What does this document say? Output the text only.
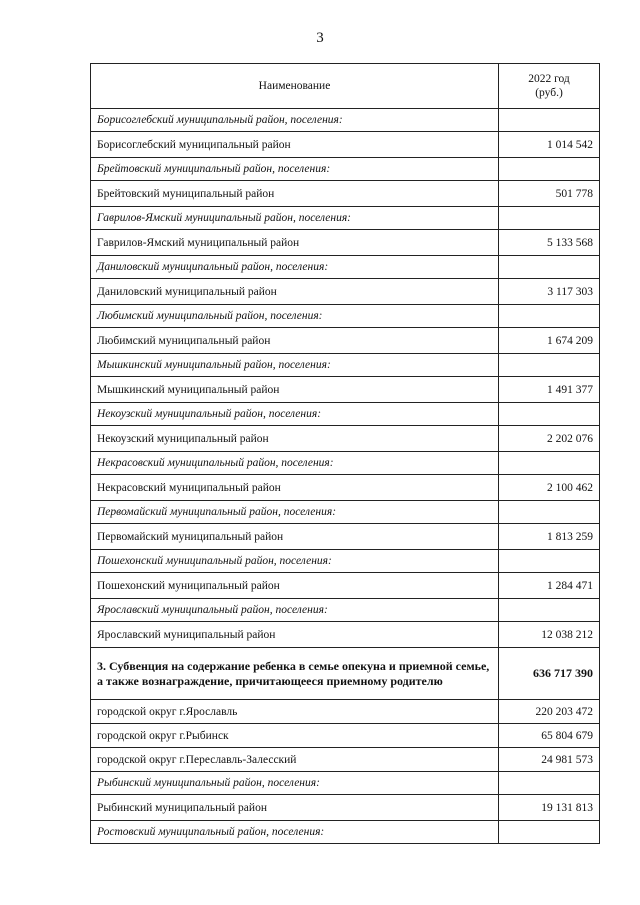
3
Наименование	2022 год
(руб.)
Борисоглебский муниципальный район, поселения:	
Борисоглебский муниципальный район	1 014 542
Брейтовский муниципальный район, поселения:	
Брейтовский муниципальный район	501 778
Гаврилов-Ямский муниципальный район, поселения:	
Гаврилов-Ямский муниципальный район	5 133 568
Даниловский муниципальный район, поселения:	
Даниловский муниципальный район	3 117 303
Любимский муниципальный район, поселения:	
Любимский муниципальный район	1 674 209
Мышкинский муниципальный район, поселения:	
Мышкинский муниципальный район	1 491 377
Некоузский муниципальный район, поселения:	
Некоузский муниципальный район	2 202 076
Некрасовский муниципальный район, поселения:	
Некрасовский муниципальный район	2 100 462
Первомайский муниципальный район, поселения:	
Первомайский муниципальный район	1 813 259
Пошехонский муниципальный район, поселения:	
Пошехонский муниципальный район	1 284 471
Ярославский муниципальный район, поселения:	
Ярославский муниципальный район	12 038 212
3. Субвенция на содержание ребенка в семье опекуна и приемной семье, а также вознаграждение, причитающееся приемному родителю	636 717 390
городской округ г.Ярославль	220 203 472
городской округ г.Рыбинск	65 804 679
городской округ г.Переславль-Залесский	24 981 573
Рыбинский муниципальный район, поселения:	
Рыбинский муниципальный район	19 131 813
Ростовский муниципальный район, поселения:	
